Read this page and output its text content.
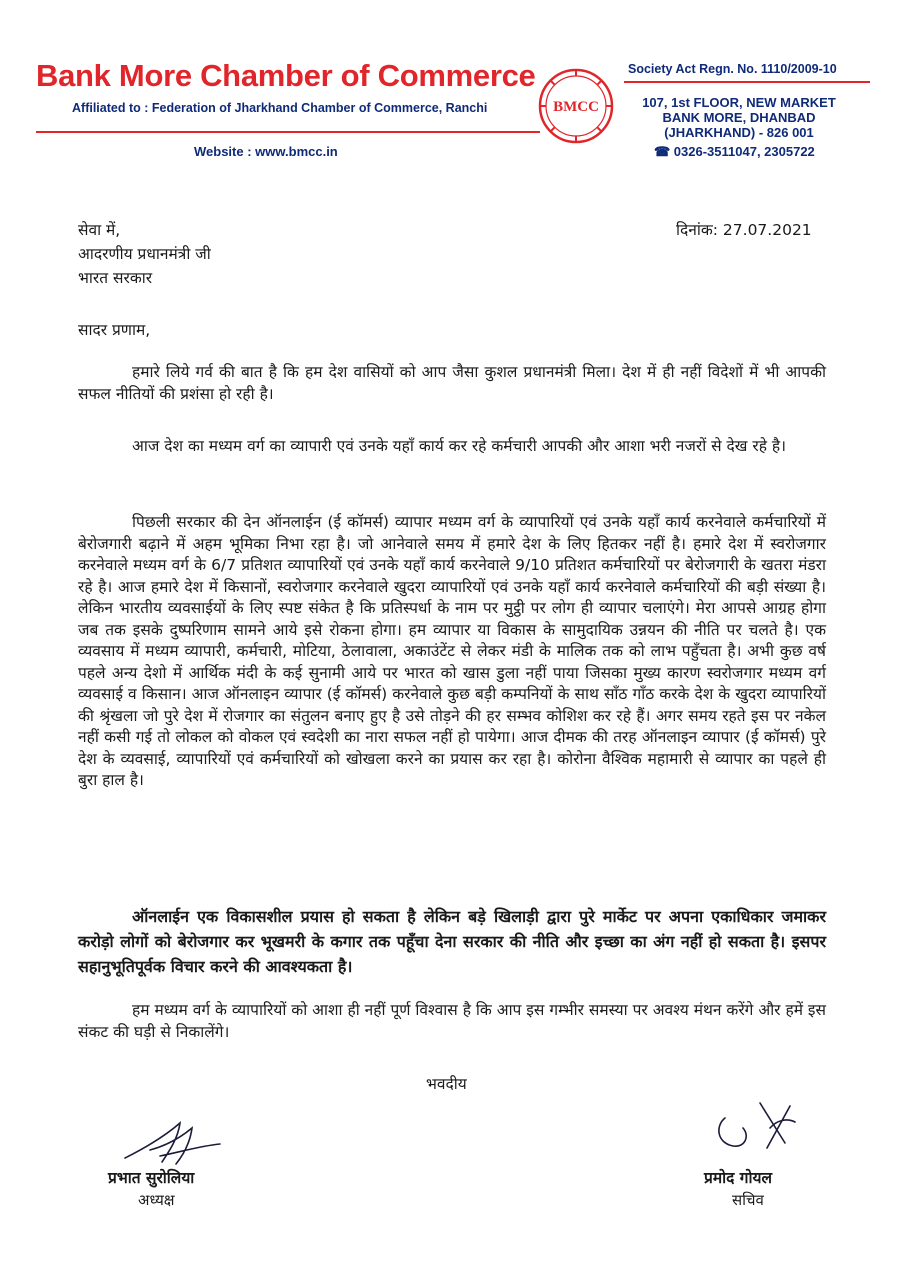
Bank More Chamber of Commerce
Affiliated to : Federation of Jharkhand Chamber of Commerce, Ranchi
Society Act Regn. No. 1110/2009-10
BMCC	107, 1st FLOOR, NEW MARKET
BANK MORE, DHANBAD
(JHARKHAND) - 826 001
Website : www.bmcc.in	☎ 0326-3511047, 2305722
सेवा में,
आदरणीय प्रधानमंत्री जी
भारत सरकार
दिनांक: 27.07.2021
सादर प्रणाम,

हमारे लिये गर्व की बात है कि हम देश वासियों को आप जैसा कुशल प्रधानमंत्री मिला। देश में ही नहीं विदेशों में भी आपकी सफल नीतियों की प्रशंसा हो रही है।

आज देश का मध्यम वर्ग का व्यापारी एवं उनके यहाँ कार्य कर रहे कर्मचारी आपकी और आशा भरी नजरों से देख रहे है।

पिछली सरकार की देन ऑनलाईन (ई कॉमर्स) व्यापार मध्यम वर्ग के व्यापारियों एवं उनके यहाँ कार्य करनेवाले कर्मचारियों में बेरोजगारी बढ़ाने में अहम भूमिका निभा रहा है। जो आनेवाले समय में हमारे देश के लिए हितकर नहीं है। हमारे देश में स्वरोजगार करनेवाले मध्यम वर्ग के 6/7 प्रतिशत व्यापारियों एवं उनके यहाँ कार्य करनेवाले 9/10 प्रतिशत कर्मचारियों पर बेरोजगारी के खतरा मंडरा रहे है। आज हमारे देश में किसानों, स्वरोजगार करनेवाले खुदरा व्यापारियों एवं उनके यहाँ कार्य करनेवाले कर्मचारियों की बड़ी संख्या है। लेकिन भारतीय व्यवसाईयों के लिए स्पष्ट संकेत है कि प्रतिस्पर्धा के नाम पर मुट्ठी पर लोग ही व्यापार चलाएंगे। मेरा आपसे आग्रह होगा जब तक इसके दुष्परिणाम सामने आये इसे रोकना होगा। हम व्यापार या विकास के सामुदायिक उन्नयन की नीति पर चलते है। एक व्यवसाय में मध्यम व्यापारी, कर्मचारी, मोटिया, ठेलावाला, अकाउंटेंट से लेकर मंडी के मालिक तक को लाभ पहुँचता है। अभी कुछ वर्ष पहले अन्य देशो में आर्थिक मंदी के कई सुनामी आये पर भारत को खास डुला नहीं पाया जिसका मुख्य कारण स्वरोजगार मध्यम वर्ग व्यवसाई व किसान। आज ऑनलाइन व्यापार (ई कॉमर्स) करनेवाले कुछ बड़ी कम्पनियों के साथ साँठ गाँठ करके देश के खुदरा व्यापारियों की श्रृंखला जो पुरे देश में रोजगार का संतुलन बनाए हुए है उसे तोड़ने की हर सम्भव कोशिश कर रहे हैं। अगर समय रहते इस पर नकेल नहीं कसी गई तो लोकल को वोकल एवं स्वदेशी का नारा सफल नहीं हो पायेगा। आज दीमक की तरह ऑनलाइन व्यापार (ई कॉमर्स) पुरे देश के व्यवसाई, व्यापारियों एवं कर्मचारियों को खोखला करने का प्रयास कर रहा है। कोरोना वैश्विक महामारी से व्यापार का पहले ही बुरा हाल है।

ऑनलाईन एक विकासशील प्रयास हो सकता है लेकिन बड़े खिलाड़ी द्वारा पुरे मार्केट पर अपना एकाधिकार जमाकर करोड़ो लोगों को बेरोजगार कर भूखमरी के कगार तक पहूँचा देना सरकार की नीति और इच्छा का अंग नहीं हो सकता है। इसपर सहानुभूतिपूर्वक विचार करने की आवश्यकता है।

हम मध्यम वर्ग के व्यापारियों को आशा ही नहीं पूर्ण विश्वास है कि आप इस गम्भीर समस्या पर अवश्य मंथन करेंगे और हमें इस संकट की घड़ी से निकालेंगे।

भवदीय
प्रभात सुरोलिया
अध्यक्ष
प्रमोद गोयल
सचिव
